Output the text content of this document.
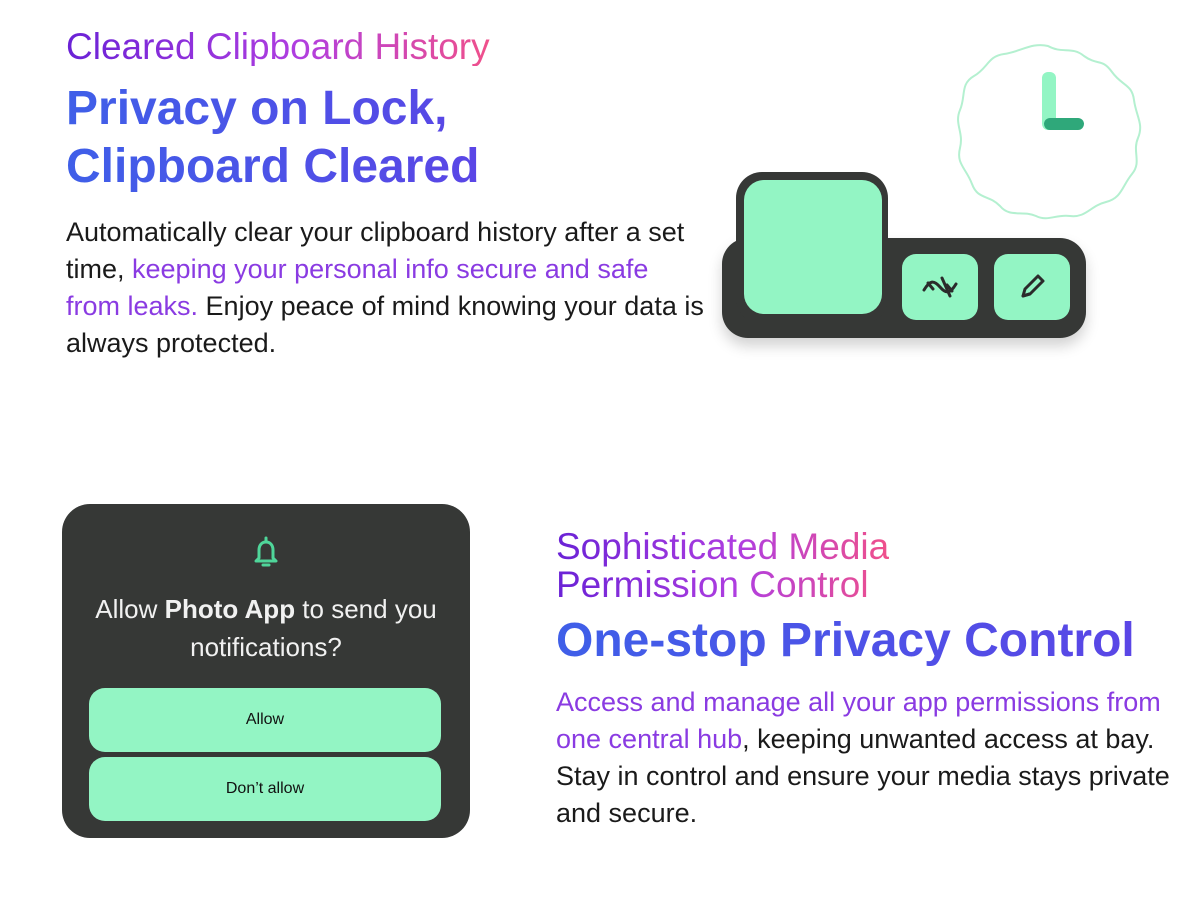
Cleared Clipboard History
Privacy on Lock,
Clipboard Cleared
Automatically clear your clipboard history after a set time, keeping your personal info secure and safe from leaks. Enjoy peace of mind knowing your data is always protected.
Allow Photo App to send you notifications?
Allow
Don’t allow
Sophisticated Media
Permission Control
One-stop Privacy Control
Access and manage all your app permissions from one central hub, keeping unwanted access at bay. Stay in control and ensure your media stays private and secure.
